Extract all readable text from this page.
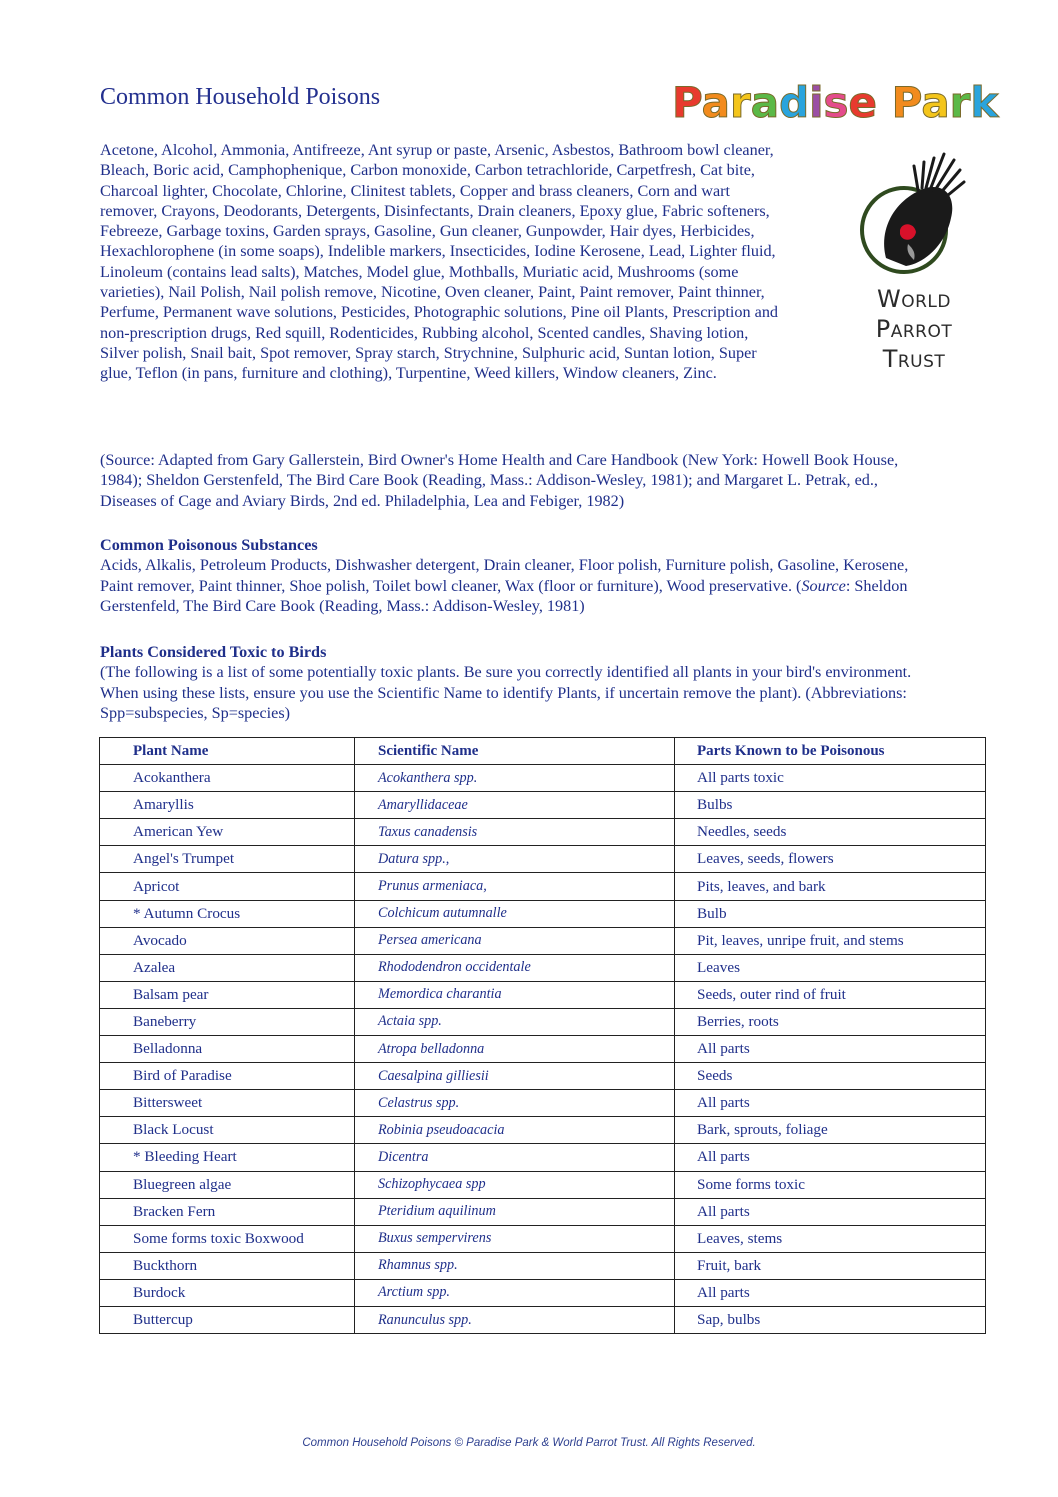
Common Household Poisons	Paradise Park
World
Parrot
Trust

Acetone, Alcohol, Ammonia, Antifreeze, Ant syrup or paste, Arsenic, Asbestos, Bathroom bowl cleaner, Bleach, Boric acid, Camphophenique, Carbon monoxide, Carbon tetrachloride, Carpetfresh, Cat bite, Charcoal lighter, Chocolate, Chlorine, Clinitest tablets, Copper and brass cleaners, Corn and wart remover, Crayons, Deodorants, Detergents, Disinfectants, Drain cleaners, Epoxy glue, Fabric softeners, Febreeze, Garbage toxins, Garden sprays, Gasoline, Gun cleaner, Gunpowder, Hair dyes, Herbicides, Hexachlorophene (in some soaps), Indelible markers, Insecticides, Iodine Kerosene, Lead, Lighter fluid, Linoleum (contains lead salts), Matches, Model glue, Mothballs, Muriatic acid, Mushrooms (some varieties), Nail Polish, Nail polish remove, Nicotine, Oven cleaner, Paint, Paint remover, Paint thinner, Perfume, Permanent wave solutions, Pesticides, Photographic solutions, Pine oil Plants, Prescription and non-prescription drugs, Red squill, Rodenticides, Rubbing alcohol, Scented candles, Shaving lotion, Silver polish, Snail bait, Spot remover, Spray starch, Strychnine, Sulphuric acid, Suntan lotion, Super glue, Teflon (in pans, furniture and clothing), Turpentine, Weed killers, Window cleaners, Zinc.

(Source: Adapted from Gary Gallerstein, Bird Owner's Home Health and Care Handbook (New York: Howell Book House, 1984); Sheldon Gerstenfeld, The Bird Care Book (Reading, Mass.: Addison-Wesley, 1981); and Margaret L. Petrak, ed., Diseases of Cage and Aviary Birds, 2nd ed. Philadelphia, Lea and Febiger, 1982)

Common Poisonous Substances
Acids, Alkalis, Petroleum Products, Dishwasher detergent, Drain cleaner, Floor polish, Furniture polish, Gasoline, Kerosene, Paint remover, Paint thinner, Shoe polish, Toilet bowl cleaner, Wax (floor or furniture), Wood preservative. (Source: Sheldon Gerstenfeld, The Bird Care Book (Reading, Mass.: Addison-Wesley, 1981)
Plants Considered Toxic to Birds
(The following is a list of some potentially toxic plants. Be sure you correctly identified all plants in your bird's environment. When using these lists, ensure you use the Scientific Name to identify Plants, if uncertain remove the plant). (Abbreviations: Spp=subspecies, Sp=species)
Plant Name	Scientific Name	Parts Known to be Poisonous
Acokanthera	Acokanthera spp.	All parts toxic
Amaryllis	Amaryllidaceae	Bulbs
American Yew	Taxus canadensis	Needles, seeds
Angel's Trumpet	Datura spp.,	Leaves, seeds, flowers
Apricot	Prunus armeniaca,	Pits, leaves, and bark
* Autumn Crocus	Colchicum autumnalle	Bulb
Avocado	Persea americana	Pit, leaves, unripe fruit, and stems
Azalea	Rhododendron occidentale	Leaves
Balsam pear	Memordica charantia	Seeds, outer rind of fruit
Baneberry	Actaia spp.	Berries, roots
Belladonna	Atropa belladonna	All parts
Bird of Paradise	Caesalpina gilliesii	Seeds
Bittersweet	Celastrus spp.	All parts
Black Locust	Robinia pseudoacacia	Bark, sprouts, foliage
* Bleeding Heart	Dicentra	All parts
Bluegreen algae	Schizophycaea spp	Some forms toxic
Bracken Fern	Pteridium aquilinum	All parts
Some forms toxic Boxwood	Buxus sempervirens	Leaves, stems
Buckthorn	Rhamnus spp.	Fruit, bark
Burdock	Arctium spp.	All parts
Buttercup	Ranunculus spp.	Sap, bulbs
Common Household Poisons © Paradise Park & World Parrot Trust. All Rights Reserved.
